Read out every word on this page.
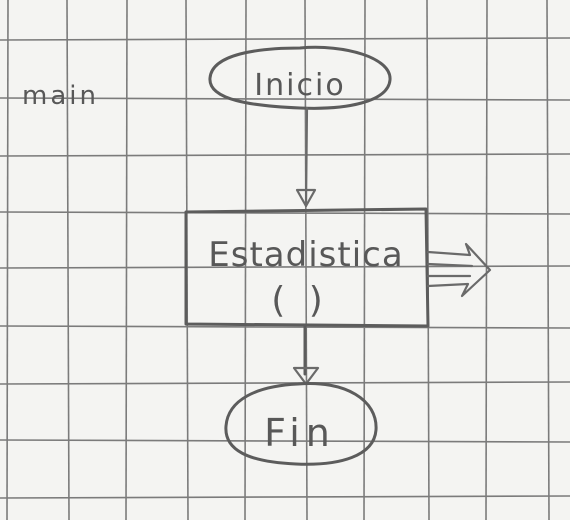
main	Inicio
Estadistica
( )
Fin
